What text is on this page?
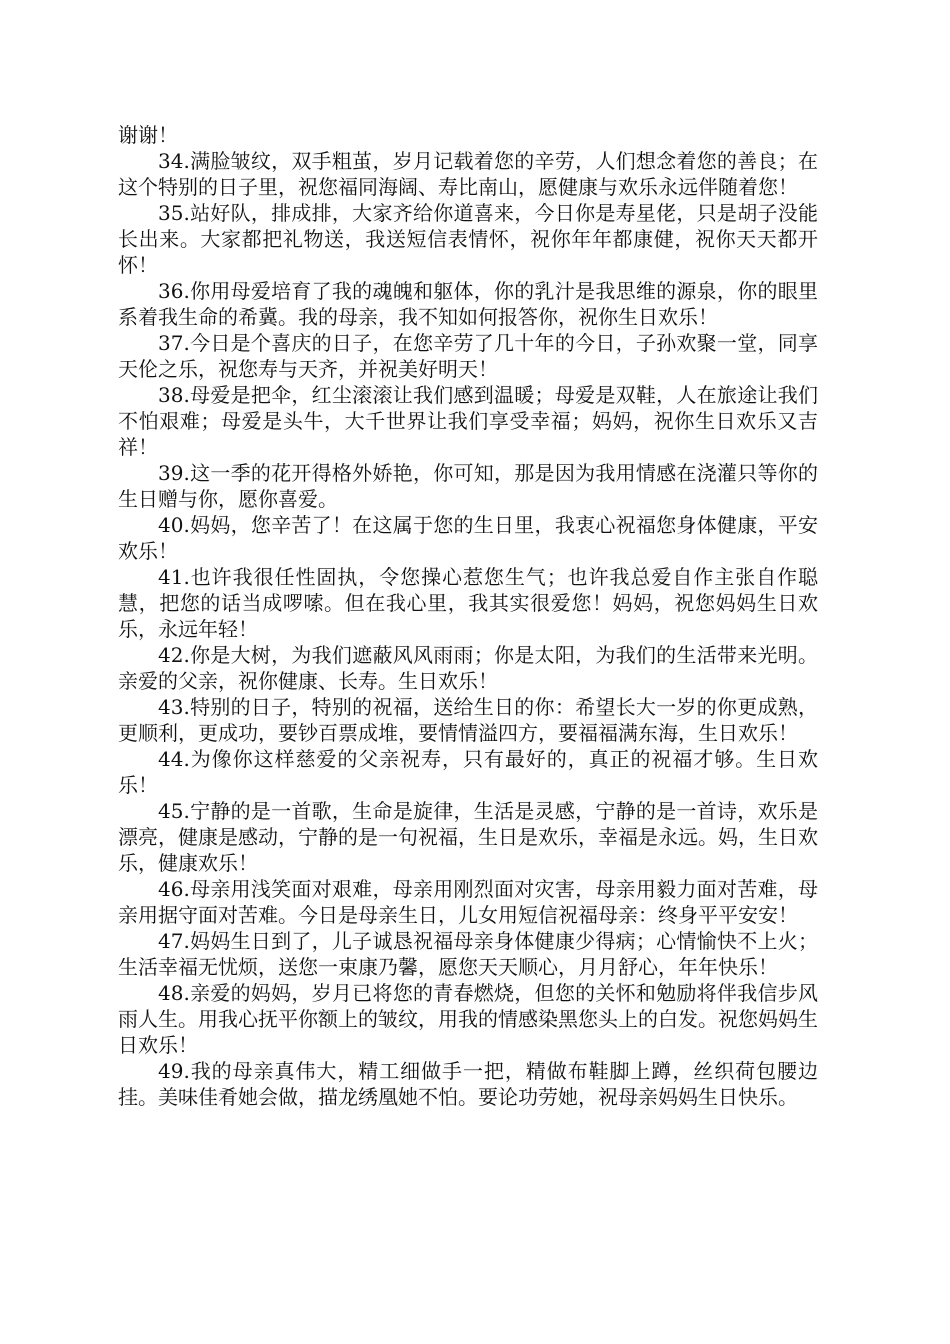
谢谢！

34.满脸皱纹，双手粗茧，岁月记载着您的辛劳，人们想念着您的善良；在这个特别的日子里，祝您福同海阔、寿比南山，愿健康与欢乐永远伴随着您！

35.站好队，排成排，大家齐给你道喜来，今日你是寿星佬，只是胡子没能长出来。大家都把礼物送，我送短信表情怀，祝你年年都康健，祝你天天都开怀！

36.你用母爱培育了我的魂魄和躯体，你的乳汁是我思维的源泉，你的眼里系着我生命的希冀。我的母亲，我不知如何报答你，祝你生日欢乐！

37.今日是个喜庆的日子，在您辛劳了几十年的今日，子孙欢聚一堂，同享天伦之乐，祝您寿与天齐，并祝美好明天！

38.母爱是把伞，红尘滚滚让我们感到温暖；母爱是双鞋，人在旅途让我们不怕艰难；母爱是头牛，大千世界让我们享受幸福；妈妈，祝你生日欢乐又吉祥！

39.这一季的花开得格外娇艳，你可知，那是因为我用情感在浇灌只等你的生日赠与你，愿你喜爱。

40.妈妈，您辛苦了！在这属于您的生日里，我衷心祝福您身体健康，平安欢乐！

41.也许我很任性固执，令您操心惹您生气；也许我总爱自作主张自作聪慧，把您的话当成啰嗦。但在我心里，我其实很爱您！妈妈，祝您妈妈生日欢乐，永远年轻！

42.你是大树，为我们遮蔽风风雨雨；你是太阳，为我们的生活带来光明。亲爱的父亲，祝你健康、长寿。生日欢乐！

43.特别的日子，特别的祝福，送给生日的你：希望长大一岁的你更成熟，更顺利，更成功，要钞百票成堆，要情情溢四方，要福福满东海，生日欢乐！

44.为像你这样慈爱的父亲祝寿，只有最好的，真正的祝福才够。生日欢乐！

45.宁静的是一首歌，生命是旋律，生活是灵感，宁静的是一首诗，欢乐是漂亮，健康是感动，宁静的是一句祝福，生日是欢乐，幸福是永远。妈，生日欢乐，健康欢乐！

46.母亲用浅笑面对艰难，母亲用刚烈面对灾害，母亲用毅力面对苦难，母亲用据守面对苦难。今日是母亲生日，儿女用短信祝福母亲：终身平平安安！

47.妈妈生日到了，儿子诚恳祝福母亲身体健康少得病；心情愉快不上火；生活幸福无忧烦，送您一束康乃馨，愿您天天顺心，月月舒心，年年快乐！

48.亲爱的妈妈，岁月已将您的青春燃烧，但您的关怀和勉励将伴我信步风雨人生。用我心抚平你额上的皱纹，用我的情感染黑您头上的白发。祝您妈妈生日欢乐！

49.我的母亲真伟大，精工细做手一把，精做布鞋脚上蹲，丝织荷包腰边挂。美味佳肴她会做，描龙绣凰她不怕。要论功劳她，祝母亲妈妈生日快乐。
